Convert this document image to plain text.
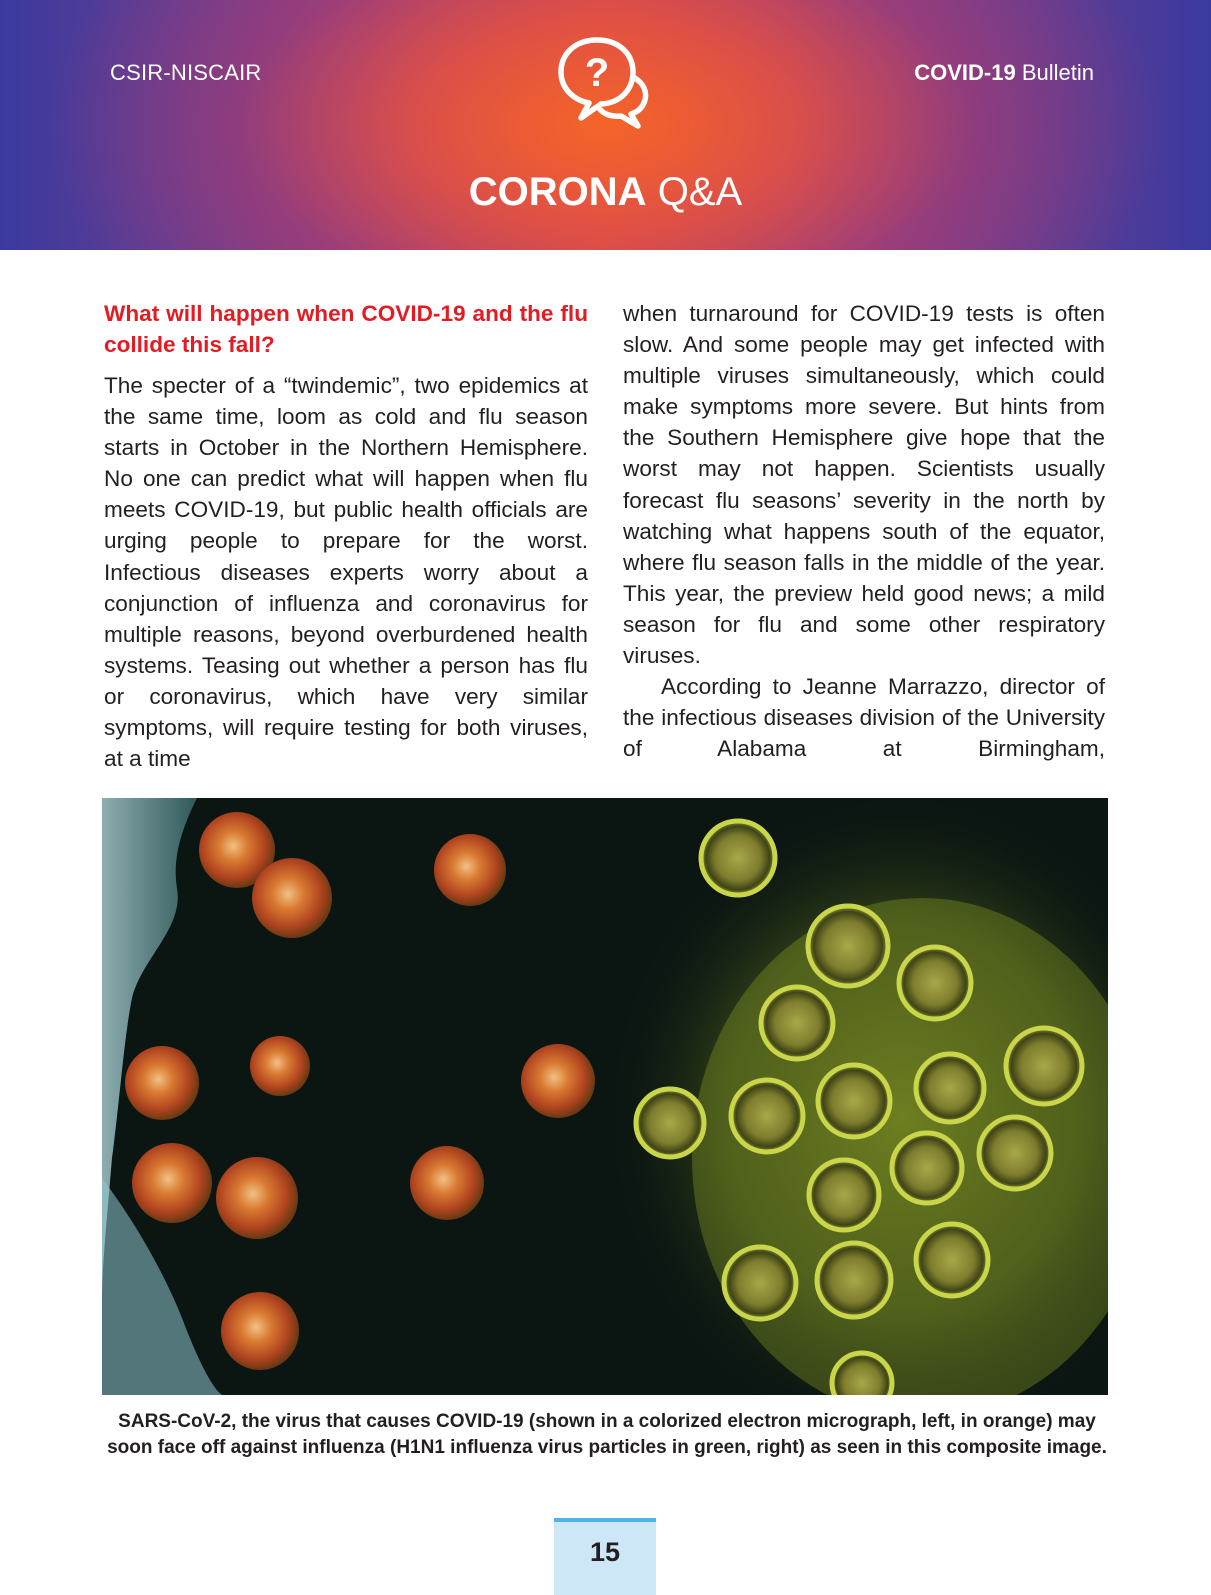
CSIR-NISCAIR	?	COVID-19 Bulletin
CORONA Q&A

What will happen when COVID-19 and the flu collide this fall?

The specter of a “twindemic”, two epidemics at the same time, loom as cold and flu season starts in October in the Northern Hemisphere. No one can predict what will happen when flu meets COVID-19, but public health officials are urging people to prepare for the worst. Infectious diseases experts worry about a conjunction of influenza and coronavirus for multiple reasons, beyond overburdened health systems. Teasing out whether a person has flu or coronavirus, which have very similar symptoms, will require testing for both viruses, at a time

when turnaround for COVID-19 tests is often slow. And some people may get infected with multiple viruses simultaneously, which could make symptoms more severe. But hints from the Southern Hemisphere give hope that the worst may not happen. Scientists usually forecast flu seasons’ severity in the north by watching what happens south of the equator, where flu season falls in the middle of the year. This year, the preview held good news; a mild season for flu and some other respiratory viruses.

According to Jeanne Marrazzo, director of the infectious diseases division of the University of Alabama at Birmingham,

SARS-CoV-2, the virus that causes COVID-19 (shown in a colorized electron micrograph, left, in orange) may soon face off against influenza (H1N1 influenza virus particles in green, right) as seen in this composite image.
15
